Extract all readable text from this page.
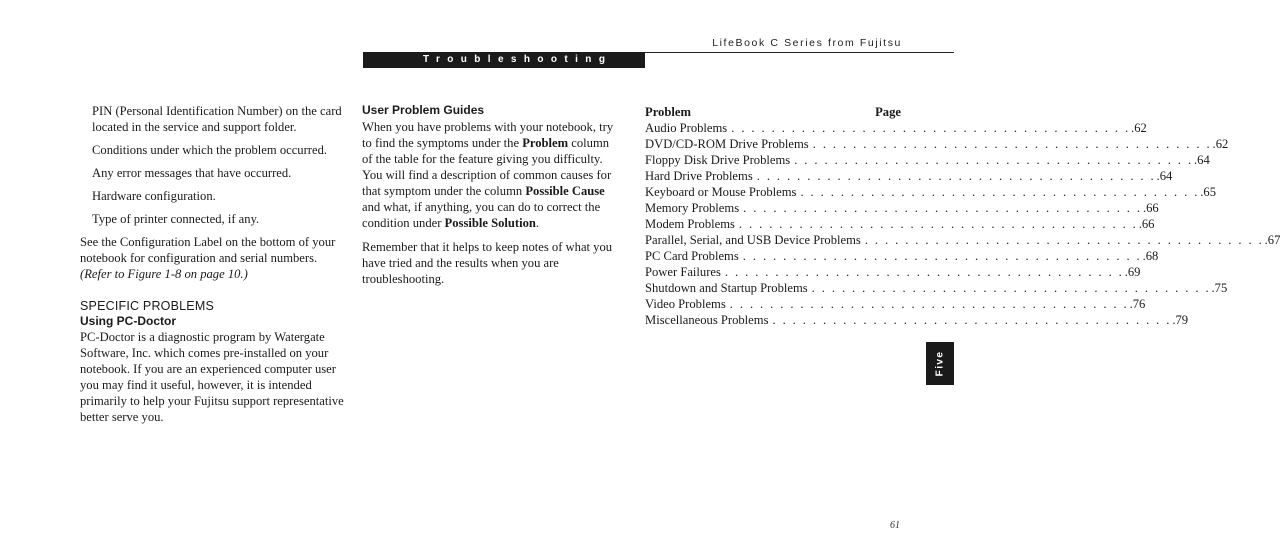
LifeBook C Series from Fujitsu
Troubleshooting

PIN (Personal Identification Number) on the card located in the service and support folder.

Conditions under which the problem occurred.

Any error messages that have occurred.

Hardware configuration.

Type of printer connected, if any.

See the Configuration Label on the bottom of your notebook for configuration and serial numbers. (Refer to Figure 1-8 on page 10.)

SPECIFIC PROBLEMS
Using PC-Doctor

PC-Doctor is a diagnostic program by Watergate Software, Inc. which comes pre-installed on your notebook. If you are an experienced computer user you may find it useful, however, it is intended primarily to help your Fujitsu support representative better serve you.

User Problem Guides

When you have problems with your notebook, try to find the symptoms under the Problem column of the table for the feature giving you difficulty. You will find a description of common causes for that symptom under the column Possible Cause and what, if anything, you can do to correct the condition under Possible Solution.

Remember that it helps to keep notes of what you have tried and the results when you are troubleshooting.

Problem	Page
Audio Problems . . . . . . . . . . . . . . . . . . . . . . . . . . . . . . . . . . . . . . . . .62
DVD/CD-ROM Drive Problems . . . . . . . . . . . . . . . . . . . . . . . . . . . . . . . . . . . . . . . . .62
Floppy Disk Drive Problems . . . . . . . . . . . . . . . . . . . . . . . . . . . . . . . . . . . . . . . . .64
Hard Drive Problems . . . . . . . . . . . . . . . . . . . . . . . . . . . . . . . . . . . . . . . . .64
Keyboard or Mouse Problems . . . . . . . . . . . . . . . . . . . . . . . . . . . . . . . . . . . . . . . . .65
Memory Problems . . . . . . . . . . . . . . . . . . . . . . . . . . . . . . . . . . . . . . . . .66
Modem Problems . . . . . . . . . . . . . . . . . . . . . . . . . . . . . . . . . . . . . . . . .66
Parallel, Serial, and USB Device Problems . . . . . . . . . . . . . . . . . . . . . . . . . . . . . . . . . . . . . . . . .67
PC Card Problems . . . . . . . . . . . . . . . . . . . . . . . . . . . . . . . . . . . . . . . . .68
Power Failures . . . . . . . . . . . . . . . . . . . . . . . . . . . . . . . . . . . . . . . . .69
Shutdown and Startup Problems . . . . . . . . . . . . . . . . . . . . . . . . . . . . . . . . . . . . . . . . .75
Video Problems . . . . . . . . . . . . . . . . . . . . . . . . . . . . . . . . . . . . . . . . .76
Miscellaneous Problems . . . . . . . . . . . . . . . . . . . . . . . . . . . . . . . . . . . . . . . . .79
Five
61
